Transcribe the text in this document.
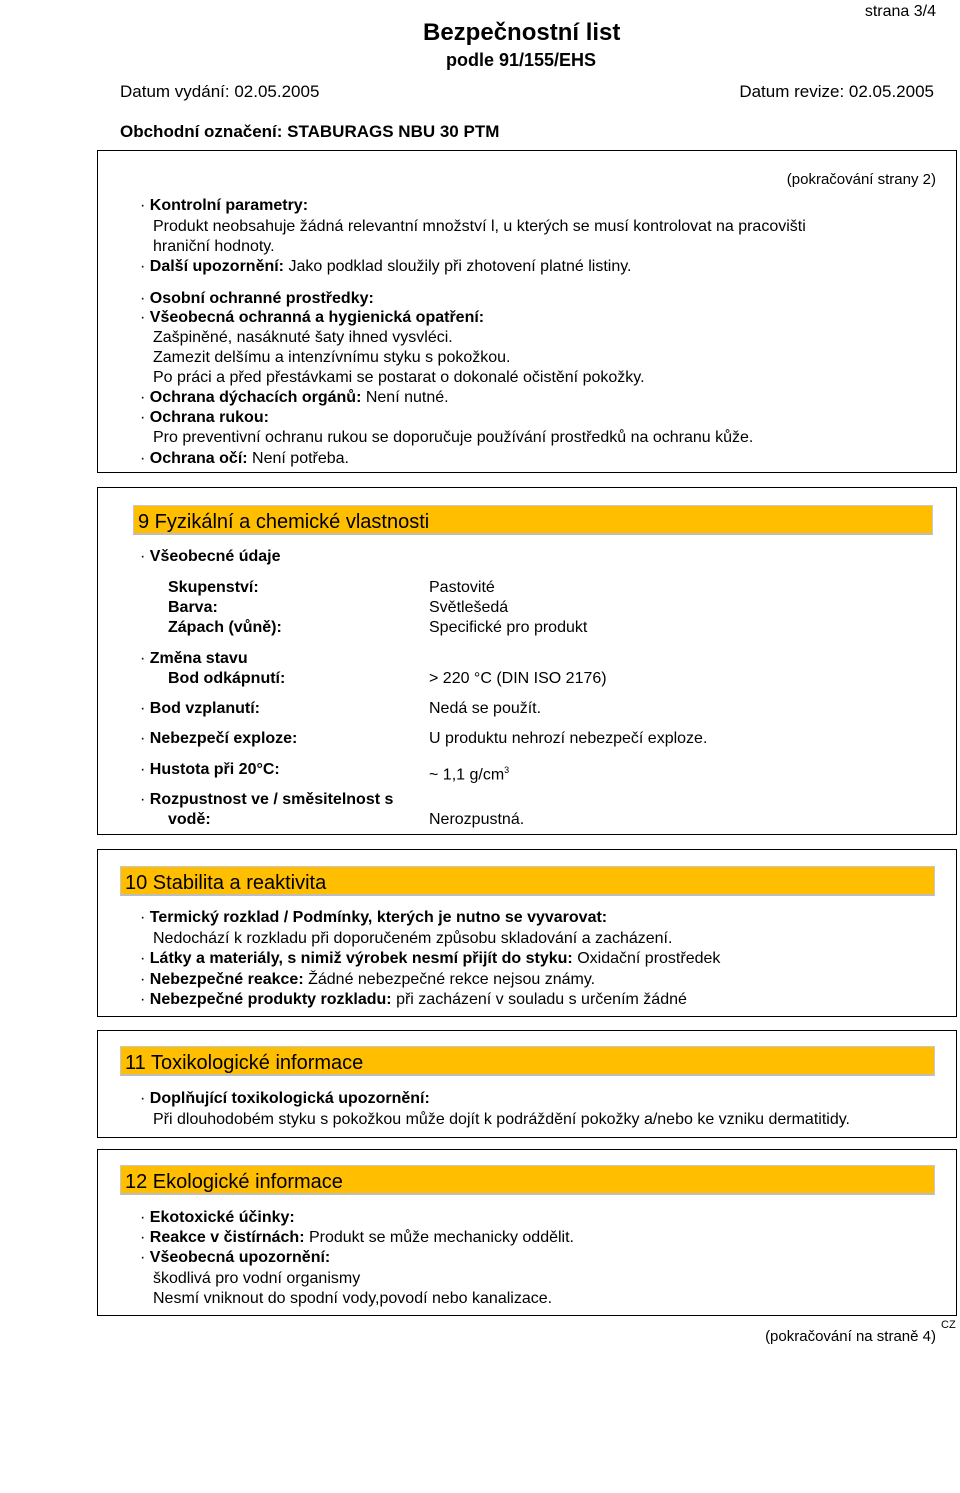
strana 3/4
Bezpečnostní list
podle 91/155/EHS
Datum vydání: 02.05.2005	Datum revize: 02.05.2005
Obchodní označení: STABURAGS NBU 30 PTM
(pokračování strany 2)
· Kontrolní parametry:
Produkt neobsahuje žádná relevantní množství l, u kterých se musí kontrolovat na pracovišti
hraniční hodnoty.
· Další upozornění: Jako podklad sloužily při zhotovení platné listiny.
· Osobní ochranné prostředky:
· Všeobecná ochranná a hygienická opatření:
Zašpiněné, nasáknuté šaty ihned vysvléci.
Zamezit delšímu a intenzívnímu styku s pokožkou.
Po práci a před přestávkami se postarat o dokonalé očistění pokožky.
· Ochrana dýchacích orgánů: Není nutné.
· Ochrana rukou:
Pro preventivní ochranu rukou se doporučuje používání prostředků na ochranu kůže.
· Ochrana očí: Není potřeba.
9 Fyzikální a chemické vlastnosti
· Všeobecné údaje
Skupenství:	Pastovité
Barva:	Světlešedá
Zápach (vůně):	Specifické pro produkt
· Změna stavu
Bod odkápnutí:	> 220 °C (DIN ISO 2176)
· Bod vzplanutí:	Nedá se použít.
· Nebezpečí exploze:	U produktu nehrozí nebezpečí exploze.
· Hustota při 20°C:	~ 1,1 $g/cm^3$
· Rozpustnost ve / směsitelnost s
vodě:	Nerozpustná.
10 Stabilita a reaktivita
· Termický rozklad / Podmínky, kterých je nutno se vyvarovat:
Nedochází k rozkladu při doporučeném způsobu skladování a zacházení.
· Látky a materiály, s nimiž výrobek nesmí přijít do styku: Oxidační prostředek
· Nebezpečné reakce: Žádné nebezpečné rekce nejsou známy.
· Nebezpečné produkty rozkladu: při zacházení v souladu s určením žádné
11 Toxikologické informace
· Doplňující toxikologická upozornění:
Při dlouhodobém styku s pokožkou může dojít k podráždění pokožky a/nebo ke vzniku dermatitidy.
12 Ekologické informace
· Ekotoxické účinky:
· Reakce v čistírnách: Produkt se může mechanicky oddělit.
· Všeobecná upozornění:
škodlivá pro vodní organismy
Nesmí vniknout do spodní vody,povodí nebo kanalizace.
CZ
(pokračování na straně 4)
